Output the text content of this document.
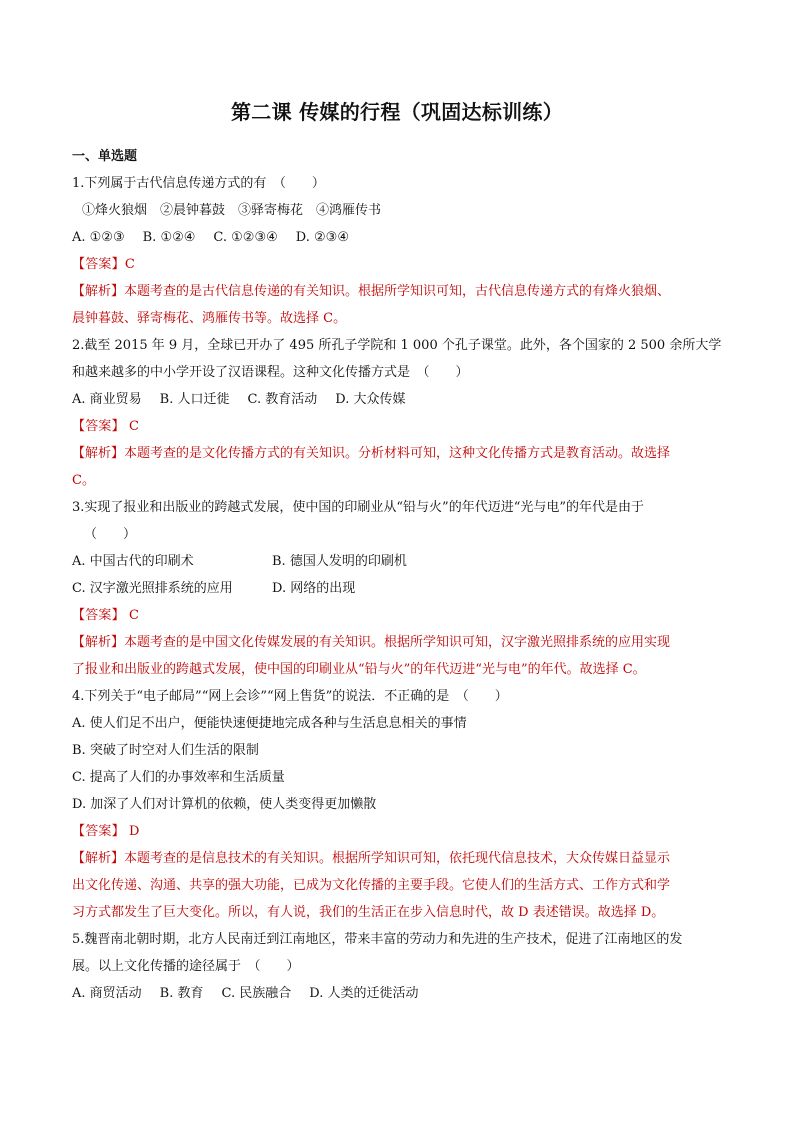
第二课 传媒的行程（巩固达标训练）
一、单选题
1.下列属于古代信息传递方式的有　（　　）
①烽火狼烟　②晨钟暮鼓　③驿寄梅花　④鸿雁传书
A. ①②③ B. ①②④ C. ①②③④ D. ②③④
【答案】C
【解析】本题考查的是古代信息传递的有关知识。根据所学知识可知，古代信息传递方式的有烽火狼烟、
晨钟暮鼓、驿寄梅花、鸿雁传书等。故选择 C。
2.截至 2015 年 9 月，全球已开办了 495 所孔子学院和 1 000 个孔子课堂。此外，各个国家的 2 500 余所大学
和越来越多的中小学开设了汉语课程。这种文化传播方式是　（　　）
A. 商业贸易 B. 人口迁徙 C. 教育活动 D. 大众传媒
【答案】 C
【解析】本题考查的是文化传播方式的有关知识。分析材料可知，这种文化传播方式是教育活动。故选择
C。
3.实现了报业和出版业的跨越式发展，使中国的印刷业从“铅与火”的年代迈进“光与电”的年代是由于
（　　）
A. 中国古代的印刷术	B. 德国人发明的印刷机
C. 汉字激光照排系统的应用	D. 网络的出现
【答案】 C
【解析】本题考查的是中国文化传媒发展的有关知识。根据所学知识可知，汉字激光照排系统的应用实现
了报业和出版业的跨越式发展，使中国的印刷业从“铅与火”的年代迈进“光与电”的年代。故选择 C。
4.下列关于“电子邮局”“网上会诊”“网上售货”的说法．不正确的是　（　　）
A. 使人们足不出户，便能快速便捷地完成各种与生活息息相关的事情
B. 突破了时空对人们生活的限制
C. 提高了人们的办事效率和生活质量
D. 加深了人们对计算机的依赖，使人类变得更加懒散
【答案】 D
【解析】本题考查的是信息技术的有关知识。根据所学知识可知，依托现代信息技术，大众传媒日益显示
出文化传递、沟通、共享的强大功能，已成为文化传播的主要手段。它使人们的生活方式、工作方式和学
习方式都发生了巨大变化。所以，有人说，我们的生活正在步入信息时代，故 D 表述错误。故选择 D。
5.魏晋南北朝时期，北方人民南迁到江南地区，带来丰富的劳动力和先进的生产技术，促进了江南地区的发
展。以上文化传播的途径属于　（　　）
A. 商贸活动 B. 教育 C. 民族融合 D. 人类的迁徙活动
